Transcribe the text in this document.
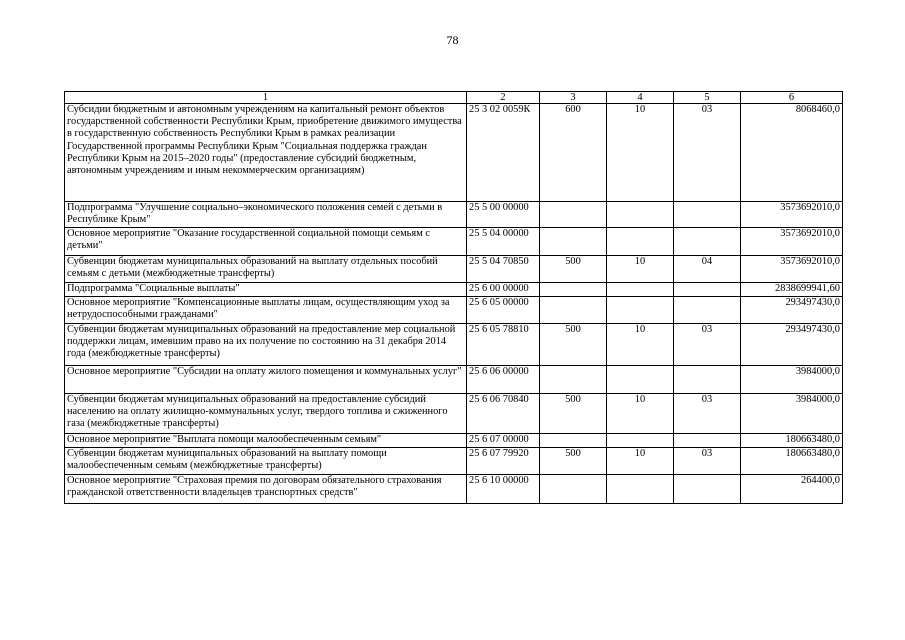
78
1	2	3	4	5	6
Субсидии бюджетным и автономным учреждениям на капитальный ремонт объектов государственной собственности Республики Крым, приобретение движимого имущества в государственную собственность Республики Крым в рамках реализации Государственной программы Республики Крым "Социальная поддержка граждан Республики Крым на 2015–2020 годы" (предоставление субсидий бюджетным, автономным учреждениям и иным некоммерческим организациям)	25 3 02 0059К	600	10	03	8068460,0
Подпрограмма "Улучшение социально–экономического положения семей с детьми в Республике Крым"	25 5 00 00000				3573692010,0
Основное мероприятие "Оказание государственной социальной помощи семьям с детьми"	25 5 04 00000				3573692010,0
Субвенции бюджетам муниципальных образований на выплату отдельных пособий семьям с детьми (межбюджетные трансферты)	25 5 04 70850	500	10	04	3573692010,0
Подпрограмма "Социальные выплаты"	25 6 00 00000				2838699941,60
Основное мероприятие "Компенсационные выплаты лицам, осуществляющим уход за нетрудоспособными гражданами"	25 6 05 00000				293497430,0
Субвенции бюджетам муниципальных образований на предоставление мер социальной поддержки лицам, имевшим право на их получение по состоянию на 31 декабря 2014 года (межбюджетные трансферты)	25 6 05 78810	500	10	03	293497430,0
Основное мероприятие "Субсидии на оплату жилого помещения и коммунальных услуг"	25 6 06 00000				3984000,0
Субвенции бюджетам муниципальных образований на предоставление субсидий населению на оплату жилищно-коммунальных услуг, твердого топлива и сжиженного газа (межбюджетные трансферты)	25 6 06 70840	500	10	03	3984000,0
Основное мероприятие "Выплата помощи малообеспеченным семьям"	25 6 07 00000				180663480,0
Субвенции бюджетам муниципальных образований на выплату помощи малообеспеченным семьям (межбюджетные трансферты)	25 6 07 79920	500	10	03	180663480,0
Основное мероприятие "Страховая премия по договорам обязательного страхования гражданской ответственности владельцев транспортных средств"	25 6 10 00000				264400,0
